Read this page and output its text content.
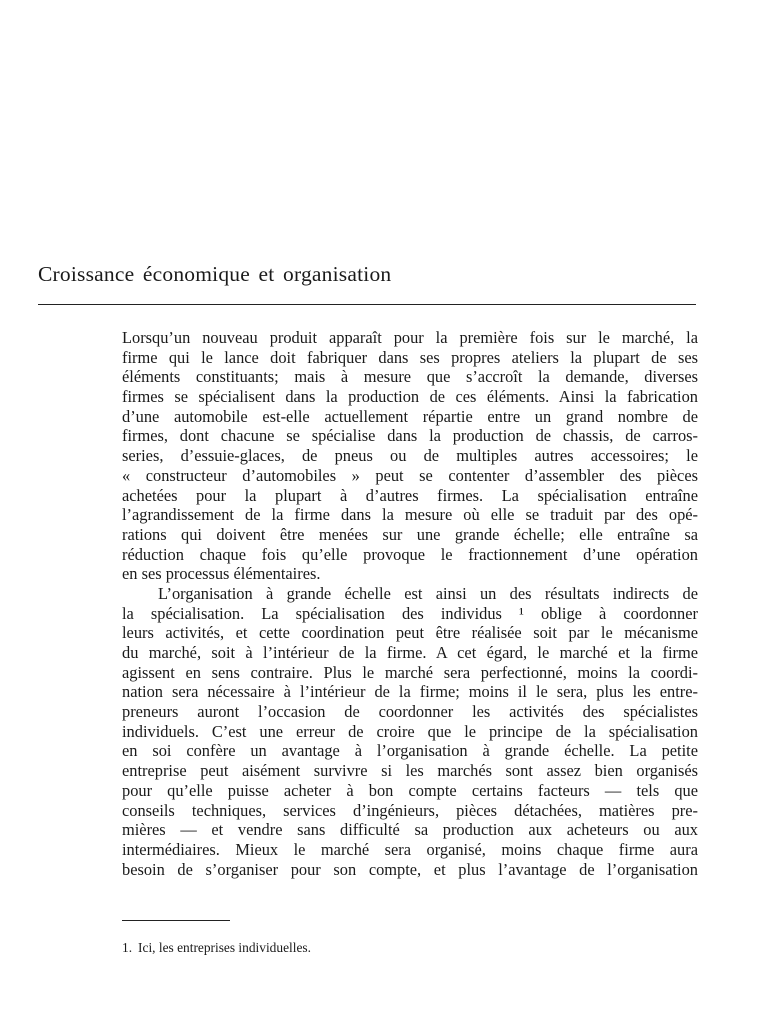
Croissance économique et organisation
Lorsqu’un nouveau produit apparaît pour la première fois sur le marché, la
firme qui le lance doit fabriquer dans ses propres ateliers la plupart de ses
éléments constituants; mais à mesure que s’accroît la demande, diverses
firmes se spécialisent dans la production de ces éléments. Ainsi la fabrication
d’une automobile est-elle actuellement répartie entre un grand nombre de
firmes, dont chacune se spécialise dans la production de chassis, de carros-
series, d’essuie-glaces, de pneus ou de multiples autres accessoires; le
« constructeur d’automobiles » peut se contenter d’assembler des pièces
achetées pour la plupart à d’autres firmes. La spécialisation entraîne
l’agrandissement de la firme dans la mesure où elle se traduit par des opé-
rations qui doivent être menées sur une grande échelle; elle entraîne sa
réduction chaque fois qu’elle provoque le fractionnement d’une opération
en ses processus élémentaires.
L’organisation à grande échelle est ainsi un des résultats indirects de
la spécialisation. La spécialisation des individus ¹ oblige à coordonner
leurs activités, et cette coordination peut être réalisée soit par le mécanisme
du marché, soit à l’intérieur de la firme. A cet égard, le marché et la firme
agissent en sens contraire. Plus le marché sera perfectionné, moins la coordi-
nation sera nécessaire à l’intérieur de la firme; moins il le sera, plus les entre-
preneurs auront l’occasion de coordonner les activités des spécialistes
individuels. C’est une erreur de croire que le principe de la spécialisation
en soi confère un avantage à l’organisation à grande échelle. La petite
entreprise peut aisément survivre si les marchés sont assez bien organisés
pour qu’elle puisse acheter à bon compte certains facteurs — tels que
conseils techniques, services d’ingénieurs, pièces détachées, matières pre-
mières — et vendre sans difficulté sa production aux acheteurs ou aux
intermédiaires. Mieux le marché sera organisé, moins chaque firme aura
besoin de s’organiser pour son compte, et plus l’avantage de l’organisation
1. Ici, les entreprises individuelles.
